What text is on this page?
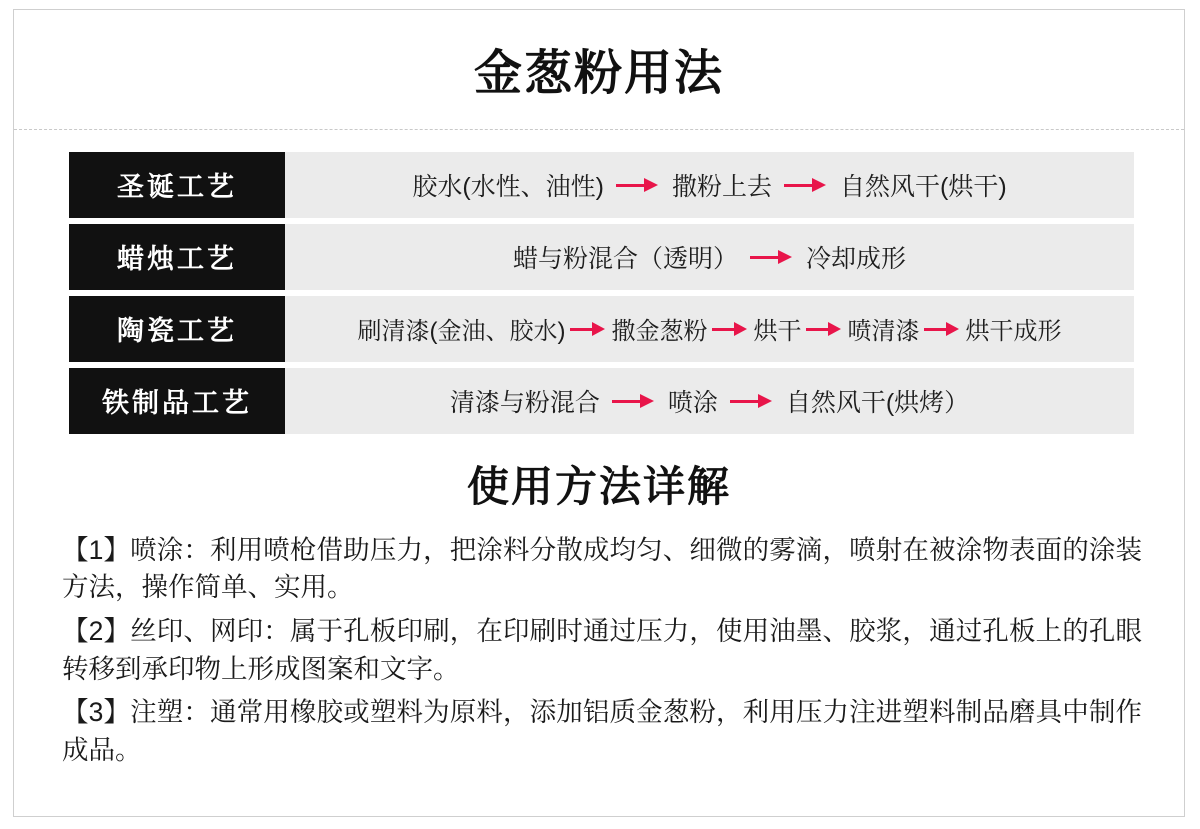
金葱粉用法
圣诞工艺	胶水(水性、油性)	撒粉上去	自然风干(烘干)
蜡烛工艺	蜡与粉混合（透明）	冷却成形
陶瓷工艺	刷清漆(金油、胶水) 撒金葱粉 烘干 喷清漆 烘干成形
铁制品工艺	清漆与粉混合	喷涂	自然风干(烘烤）
使用方法详解

【1】喷涂：利用喷枪借助压力，把涂料分散成均匀、细微的雾滴，喷射在被涂物表面的涂装方法，操作简单、实用。

【2】丝印、网印：属于孔板印刷，在印刷时通过压力，使用油墨、胶浆，通过孔板上的孔眼转移到承印物上形成图案和文字。

【3】注塑：通常用橡胶或塑料为原料，添加铝质金葱粉，利用压力注进塑料制品磨具中制作成品。
